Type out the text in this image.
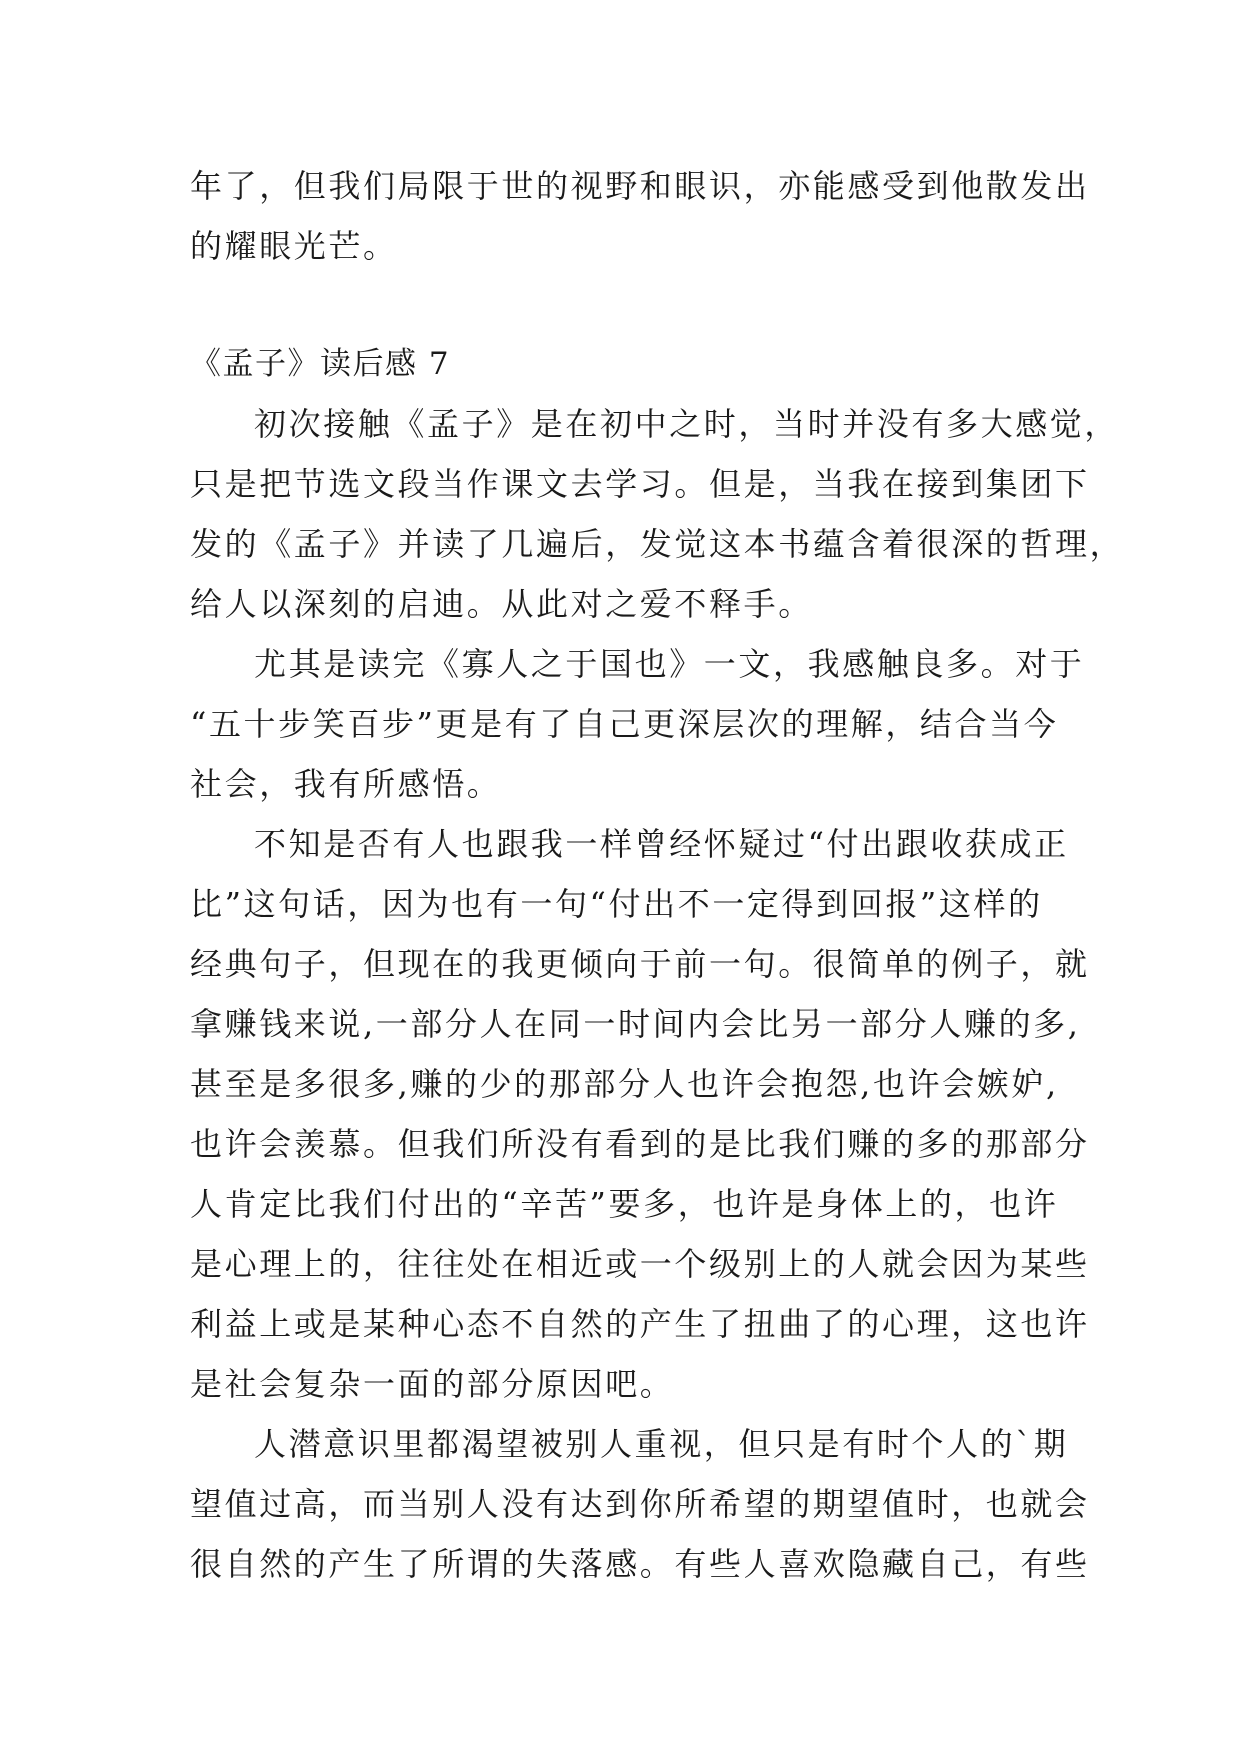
年了，但我们局限于世的视野和眼识，亦能感受到他散发出
的耀眼光芒。
《孟子》读后感 7
初次接触《孟子》是在初中之时，当时并没有多大感觉，
只是把节选文段当作课文去学习。但是，当我在接到集团下
发的《孟子》并读了几遍后，发觉这本书蕴含着很深的哲理，
给人以深刻的启迪。从此对之爱不释手。
尤其是读完《寡人之于国也》一文，我感触良多。对于
“五十步笑百步”更是有了自己更深层次的理解，结合当今
社会，我有所感悟。
不知是否有人也跟我一样曾经怀疑过“付出跟收获成正
比”这句话，因为也有一句“付出不一定得到回报”这样的
经典句子，但现在的我更倾向于前一句。很简单的例子，就
拿赚钱来说,一部分人在同一时间内会比另一部分人赚的多,
甚至是多很多,赚的少的那部分人也许会抱怨,也许会嫉妒,
也许会羡慕。但我们所没有看到的是比我们赚的多的那部分
人肯定比我们付出的“辛苦”要多，也许是身体上的，也许
是心理上的，往往处在相近或一个级别上的人就会因为某些
利益上或是某种心态不自然的产生了扭曲了的心理，这也许
是社会复杂一面的部分原因吧。
人潜意识里都渴望被别人重视，但只是有时个人的`期
望值过高，而当别人没有达到你所希望的期望值时，也就会
很自然的产生了所谓的失落感。有些人喜欢隐藏自己，有些
